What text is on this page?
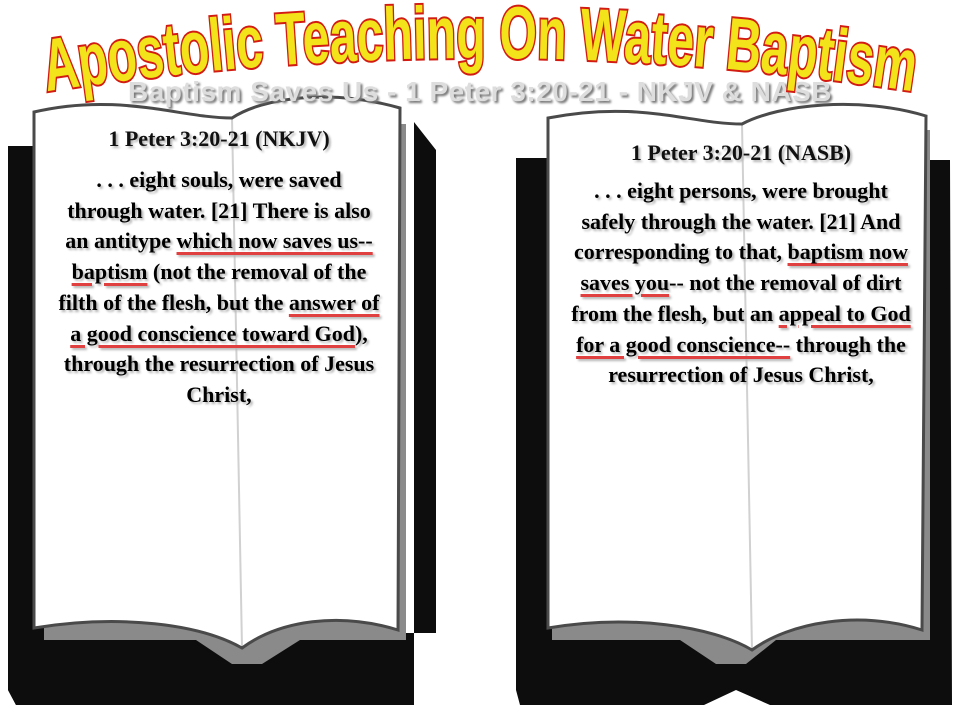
Baptism Saves Us - 1 Peter 3:20-21 - NKJV & NASB
Apostolic Teaching On Water Baptism
1 Peter 3:20-21 (NKJV)
. . . eight souls, were saved through water. [21] There is also an antitype which now saves us--baptism (not the removal of the filth of the flesh, but the answer of a good conscience toward God), through the resurrection of Jesus Christ,
1 Peter 3:20-21 (NASB)
. . . eight persons, were brought safely through the water. [21] And corresponding to that, baptism now saves you-- not the removal of dirt from the flesh, but an appeal to God for a good conscience-- through the resurrection of Jesus Christ,
